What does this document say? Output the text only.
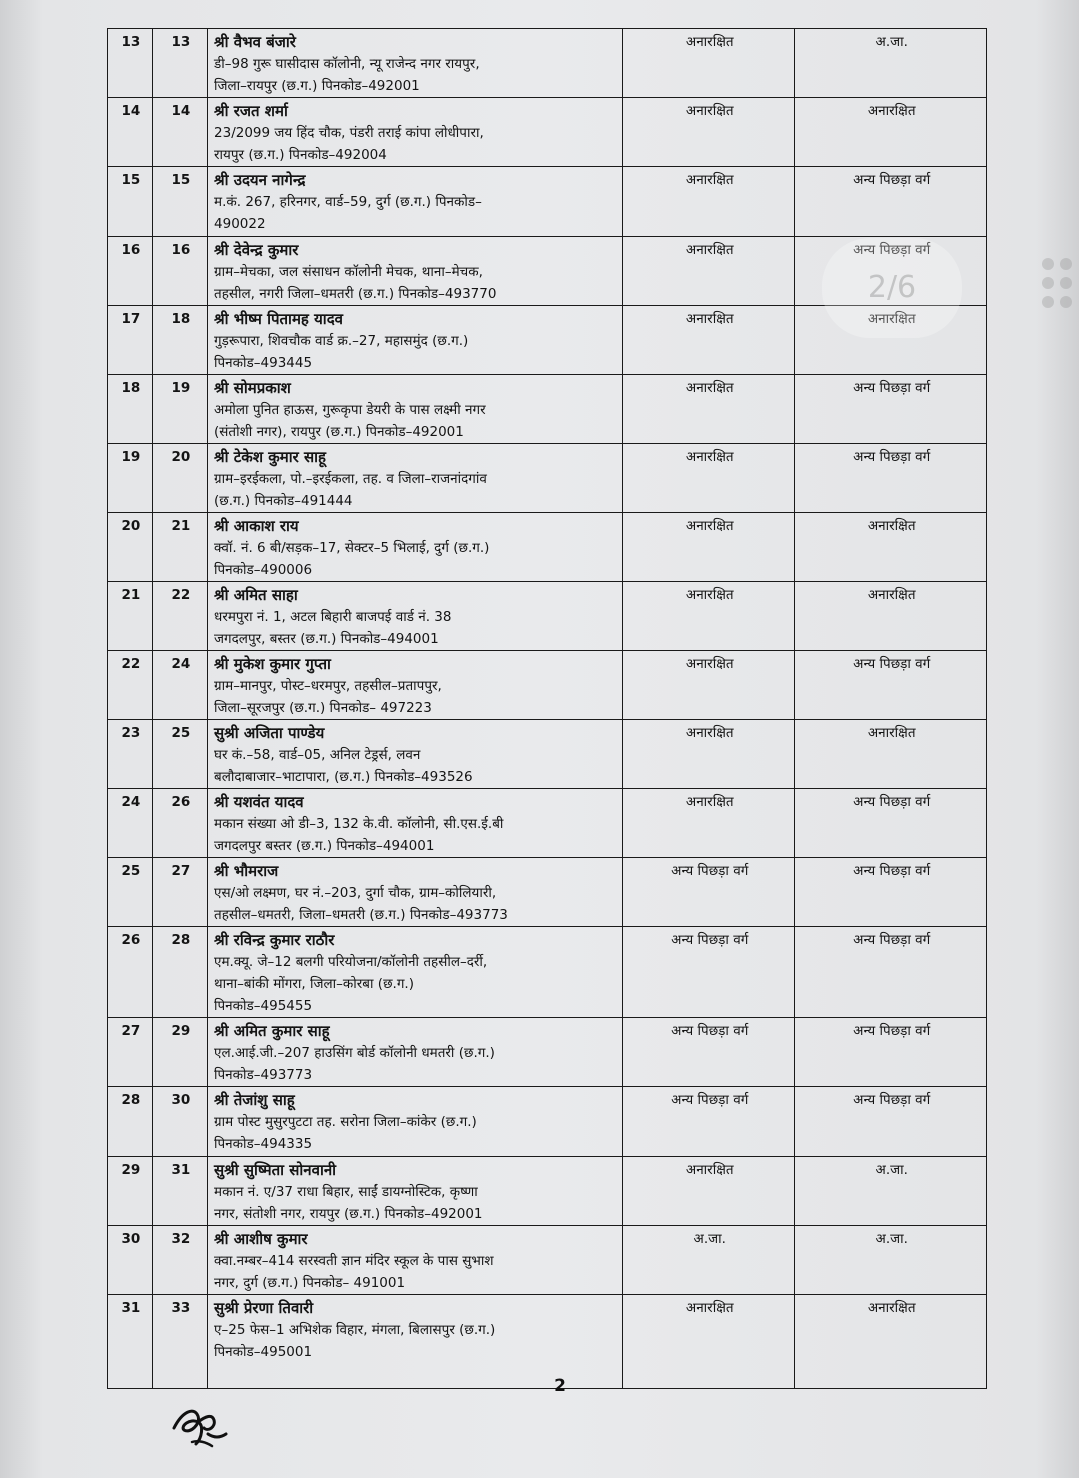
13	13	श्री वैभव बंजारे
डी–98 गुरू घासीदास कॉलोनी, न्यू राजेन्द नगर रायपुर,
जिला–रायपुर (छ.ग.) पिनकोड–492001	अनारक्षित	अ.जा.
14	14	श्री रजत शर्मा
23/2099 जय हिंद चौक, पंडरी तराई कांपा लोधीपारा,
रायपुर (छ.ग.) पिनकोड–492004	अनारक्षित	अनारक्षित
15	15	श्री उदयन नागेन्द्र
म.कं. 267, हरिनगर, वार्ड–59, दुर्ग (छ.ग.) पिनकोड–
490022	अनारक्षित	अन्य पिछड़ा वर्ग
16	16	श्री देवेन्द्र कुमार
ग्राम–मेचका, जल संसाधन कॉलोनी मेचक, थाना–मेचक,
तहसील, नगरी जिला–धमतरी (छ.ग.) पिनकोड–493770	अनारक्षित	अन्य पिछड़ा वर्ग
17	18	श्री भीष्म पितामह यादव
गुड़रूपारा, शिवचौक वार्ड क्र.–27, महासमुंद (छ.ग.)
पिनकोड–493445	अनारक्षित	अनारक्षित
18	19	श्री सोमप्रकाश
अमोला पुनित हाऊस, गुरूकृपा डेयरी के पास लक्ष्मी नगर
(संतोशी नगर), रायपुर (छ.ग.) पिनकोड–492001	अनारक्षित	अन्य पिछड़ा वर्ग
19	20	श्री टेकेश कुमार साहू
ग्राम–इरईकला, पो.–इरईकला, तह. व जिला–राजनांदगांव
(छ.ग.) पिनकोड–491444	अनारक्षित	अन्य पिछड़ा वर्ग
20	21	श्री आकाश राय
क्वॉ. नं. 6 बी/सड़क–17, सेक्टर–5 भिलाई, दुर्ग (छ.ग.)
पिनकोड–490006	अनारक्षित	अनारक्षित
21	22	श्री अमित साहा
धरमपुरा नं. 1, अटल बिहारी बाजपई वार्ड नं. 38
जगदलपुर, बस्तर (छ.ग.) पिनकोड–494001	अनारक्षित	अनारक्षित
22	24	श्री मुकेश कुमार गुप्ता
ग्राम–मानपुर, पोस्ट–धरमपुर, तहसील–प्रतापपुर,
जिला–सूरजपुर (छ.ग.) पिनकोड– 497223	अनारक्षित	अन्य पिछड़ा वर्ग
23	25	सुश्री अजिता पाण्डेय
घर कं.–58, वार्ड–05, अनिल टेड्रर्स, लवन
बलौदाबाजार–भाटापारा, (छ.ग.) पिनकोड–493526	अनारक्षित	अनारक्षित
24	26	श्री यशवंत यादव
मकान संख्या ओ डी–3, 132 के.वी. कॉलोनी, सी.एस.ई.बी
जगदलपुर बस्तर (छ.ग.) पिनकोड–494001	अनारक्षित	अन्य पिछड़ा वर्ग
25	27	श्री भौमराज
एस/ओ लक्ष्मण, घर नं.–203, दुर्गा चौक, ग्राम–कोलियारी,
तहसील–धमतरी, जिला–धमतरी (छ.ग.) पिनकोड–493773	अन्य पिछड़ा वर्ग	अन्य पिछड़ा वर्ग
26	28	श्री रविन्द्र कुमार राठौर
एम.क्यू. जे–12 बलगी परियोजना/कॉलोनी तहसील–दर्री,
थाना–बांकी मोंगरा, जिला–कोरबा (छ.ग.)
पिनकोड–495455	अन्य पिछड़ा वर्ग	अन्य पिछड़ा वर्ग
27	29	श्री अमित कुमार साहू
एल.आई.जी.–207 हाउसिंग बोर्ड कॉलोनी धमतरी (छ.ग.)
पिनकोड–493773	अन्य पिछड़ा वर्ग	अन्य पिछड़ा वर्ग
28	30	श्री तेजांशु साहू
ग्राम पोस्ट मुसुरपुटटा तह. सरोना जिला–कांकेर (छ.ग.)
पिनकोड–494335	अन्य पिछड़ा वर्ग	अन्य पिछड़ा वर्ग
29	31	सुश्री सुष्मिता सोनवानी
मकान नं. ए/37 राधा बिहार, साईं डायग्नोस्टिक, कृष्णा
नगर, संतोशी नगर, रायपुर (छ.ग.) पिनकोड–492001	अनारक्षित	अ.जा.
30	32	श्री आशीष कुमार
क्वा.नम्बर–414 सरस्वती ज्ञान मंदिर स्कूल के पास सुभाश
नगर, दुर्ग (छ.ग.) पिनकोड– 491001	अ.जा.	अ.जा.
31	33	सुश्री प्रेरणा तिवारी
ए–25 फेस–1 अभिशेक विहार, मंगला, बिलासपुर (छ.ग.)
पिनकोड–495001	अनारक्षित	अनारक्षित
2/6
2
